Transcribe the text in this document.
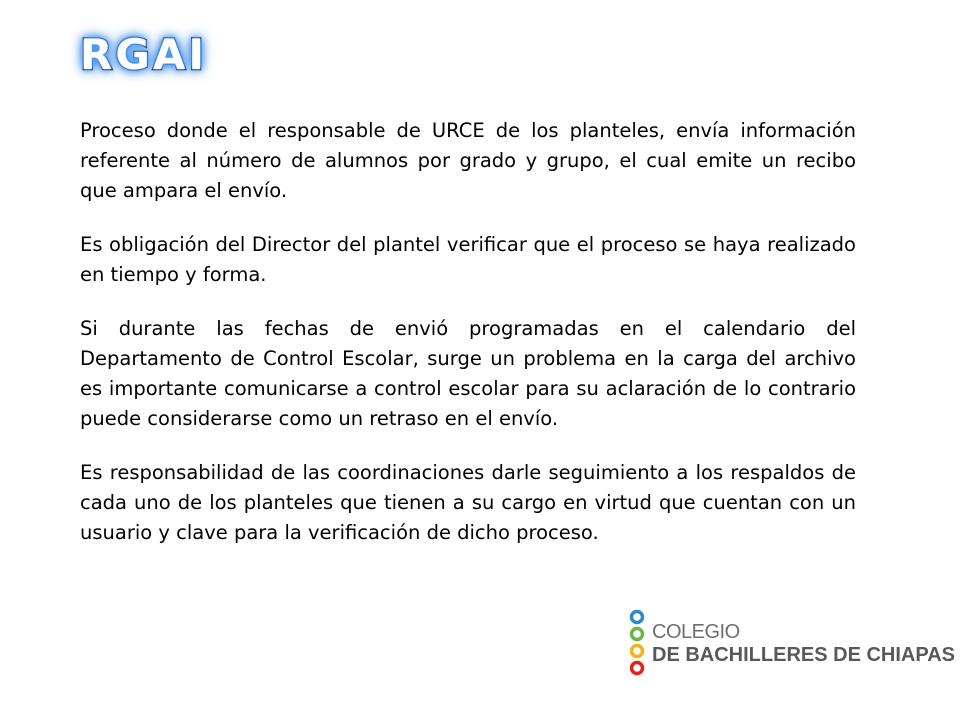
RGAI

Proceso donde el responsable de URCE de los planteles, envía información referente al número de alumnos por grado y grupo, el cual emite un recibo que ampara el envío.

Es obligación del Director del plantel verificar que el proceso se haya realizado en tiempo y forma.

Si durante las fechas de envió programadas en el calendario del Departamento de Control Escolar, surge un problema en la carga del archivo es importante comunicarse a control escolar para su aclaración de lo contrario puede considerarse como un retraso en el envío.

Es responsabilidad de las coordinaciones darle seguimiento a los respaldos de cada uno de los planteles que tienen a su cargo en virtud que cuentan con un usuario y clave para la verificación de dicho proceso.

COLEGIO
DE BACHILLERES DE CHIAPAS
